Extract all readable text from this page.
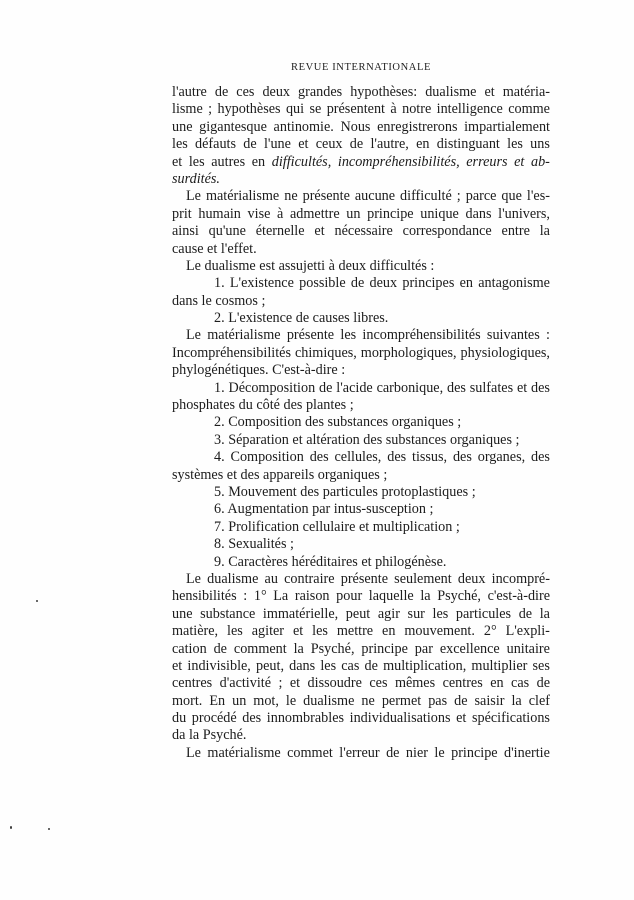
REVUE INTERNATIONALE
l'autre de ces deux grandes hypothèses: dualisme et matéria-
lisme ; hypothèses qui se présentent à notre intelligence comme
une gigantesque antinomie. Nous enregistrerons impartialement
les défauts de l'une et ceux de l'autre, en distinguant les uns
et les autres en difficultés, incompréhensibilités, erreurs et ab-
surdités.
Le matérialisme ne présente aucune difficulté ; parce que l'es-
prit humain vise à admettre un principe unique dans l'univers,
ainsi qu'une éternelle et nécessaire correspondance entre la
cause et l'effet.
Le dualisme est assujetti à deux difficultés :
1. L'existence possible de deux principes en antagonisme
dans le cosmos ;
2. L'existence de causes libres.
Le matérialisme présente les incompréhensibilités suivantes :
Incompréhensibilités chimiques, morphologiques, physiologiques,
phylogénétiques. C'est-à-dire :
1. Décomposition de l'acide carbonique, des sulfates et des
phosphates du côté des plantes ;
2. Composition des substances organiques ;
3. Séparation et altération des substances organiques ;
4. Composition des cellules, des tissus, des organes, des
systèmes et des appareils organiques ;
5. Mouvement des particules protoplastiques ;
6. Augmentation par intus-susception ;
7. Prolification cellulaire et multiplication ;
8. Sexualités ;
9. Caractères héréditaires et philogénèse.
Le dualisme au contraire présente seulement deux incompré-
hensibilités : 1° La raison pour laquelle la Psyché, c'est-à-dire
une substance immatérielle, peut agir sur les particules de la
matière, les agiter et les mettre en mouvement. 2° L'expli-
cation de comment la Psyché, principe par excellence unitaire
et indivisible, peut, dans les cas de multiplication, multiplier ses
centres d'activité ; et dissoudre ces mêmes centres en cas de
mort. En un mot, le dualisme ne permet pas de saisir la clef
du procédé des innombrables individualisations et spécifications
da la Psyché.
Le matérialisme commet l'erreur de nier le principe d'inertie
